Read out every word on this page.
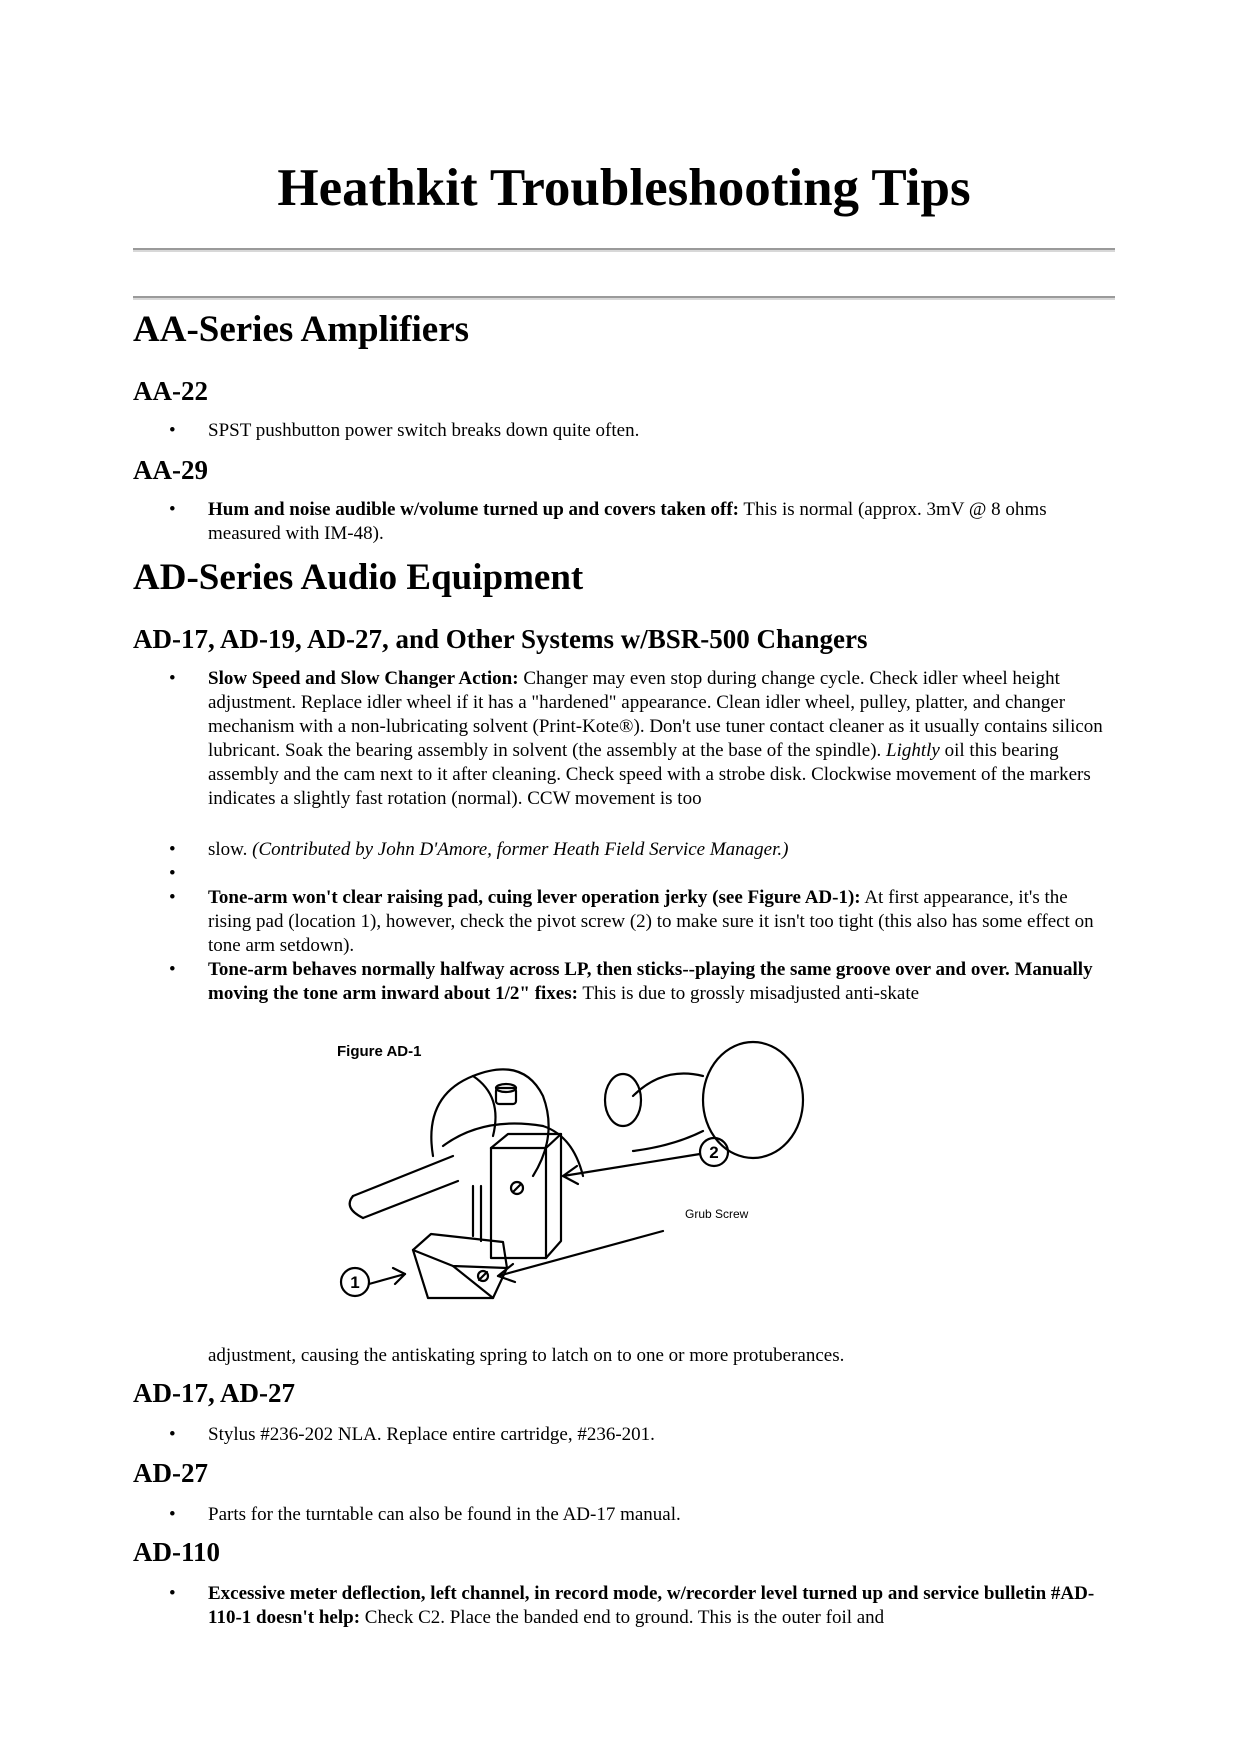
Heathkit Troubleshooting Tips
AA-Series Amplifiers
AA-22
• SPST pushbutton power switch breaks down quite often.
AA-29
• Hum and noise audible w/volume turned up and covers taken off: This is normal (approx. 3mV @ 8 ohms measured with IM-48).
AD-Series Audio Equipment
AD-17, AD-19, AD-27, and Other Systems w/BSR-500 Changers
• Slow Speed and Slow Changer Action: Changer may even stop during change cycle. Check idler wheel height adjustment. Replace idler wheel if it has a "hardened" appearance. Clean idler wheel, pulley, platter, and changer mechanism with a non-lubricating solvent (Print-Kote®). Don't use tuner contact cleaner as it usually contains silicon lubricant. Soak the bearing assembly in solvent (the assembly at the base of the spindle). Lightly oil this bearing assembly and the cam next to it after cleaning. Check speed with a strobe disk. Clockwise movement of the markers indicates a slightly fast rotation (normal). CCW movement is too
• slow. (Contributed by John D'Amore, former Heath Field Service Manager.)
•
• Tone-arm won't clear raising pad, cuing lever operation jerky (see Figure AD-1): At first appearance, it's the rising pad (location 1), however, check the pivot screw (2) to make sure it isn't too tight (this also has some effect on tone arm setdown).
• Tone-arm behaves normally halfway across LP, then sticks--playing the same groove over and over. Manually moving the tone arm inward about 1/2" fixes: This is due to grossly misadjusted anti-skate
Figure AD-1
2
1
Grub Screw
adjustment, causing the antiskating spring to latch on to one or more protuberances.
AD-17, AD-27
• Stylus #236-202 NLA. Replace entire cartridge, #236-201.
AD-27
• Parts for the turntable can also be found in the AD-17 manual.
AD-110
• Excessive meter deflection, left channel, in record mode, w/recorder level turned up and service bulletin #AD-110-1 doesn't help: Check C2. Place the banded end to ground. This is the outer foil and
